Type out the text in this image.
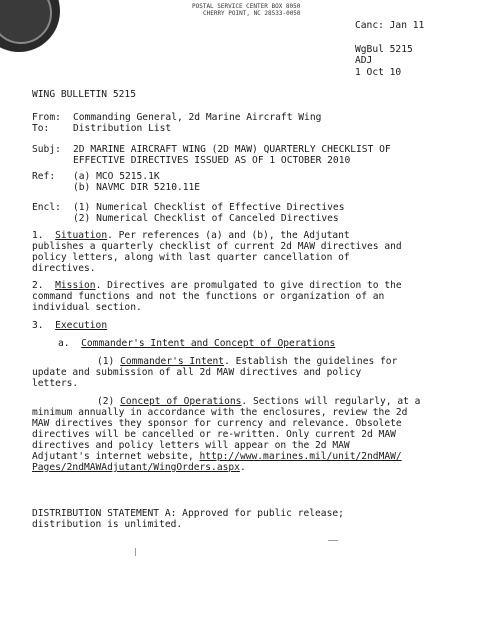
POSTAL SERVICE CENTER BOX 8050
CHERRY POINT, NC 28533-0050
Canc: Jan 11
WgBul 5215
ADJ
1 Oct 10
WING BULLETIN 5215
From: Commanding General, 2d Marine Aircraft Wing
To: Distribution List
Subj: 2D MARINE AIRCRAFT WING (2D MAW) QUARTERLY CHECKLIST OF
EFFECTIVE DIRECTIVES ISSUED AS OF 1 OCTOBER 2010
Ref: (a) MCO 5215.1K
(b) NAVMC DIR 5210.11E
Encl: (1) Numerical Checklist of Effective Directives
(2) Numerical Checklist of Canceled Directives
1. Situation. Per references (a) and (b), the Adjutant
publishes a quarterly checklist of current 2d MAW directives and
policy letters, along with last quarter cancellation of
directives.
2. Mission. Directives are promulgated to give direction to the
command functions and not the functions or organization of an
individual section.
3. Execution
a. Commander's Intent and Concept of Operations
(1) Commander's Intent. Establish the guidelines for
update and submission of all 2d MAW directives and policy
letters.
(2) Concept of Operations. Sections will regularly, at a
minimum annually in accordance with the enclosures, review the 2d
MAW directives they sponsor for currency and relevance. Obsolete
directives will be cancelled or re-written. Only current 2d MAW
directives and policy letters will appear on the 2d MAW
Adjutant's internet website, http://www.marines.mil/unit/2ndMAW/
Pages/2ndMAWAdjutant/WingOrders.aspx.
DISTRIBUTION STATEMENT A: Approved for public release;
distribution is unlimited.
